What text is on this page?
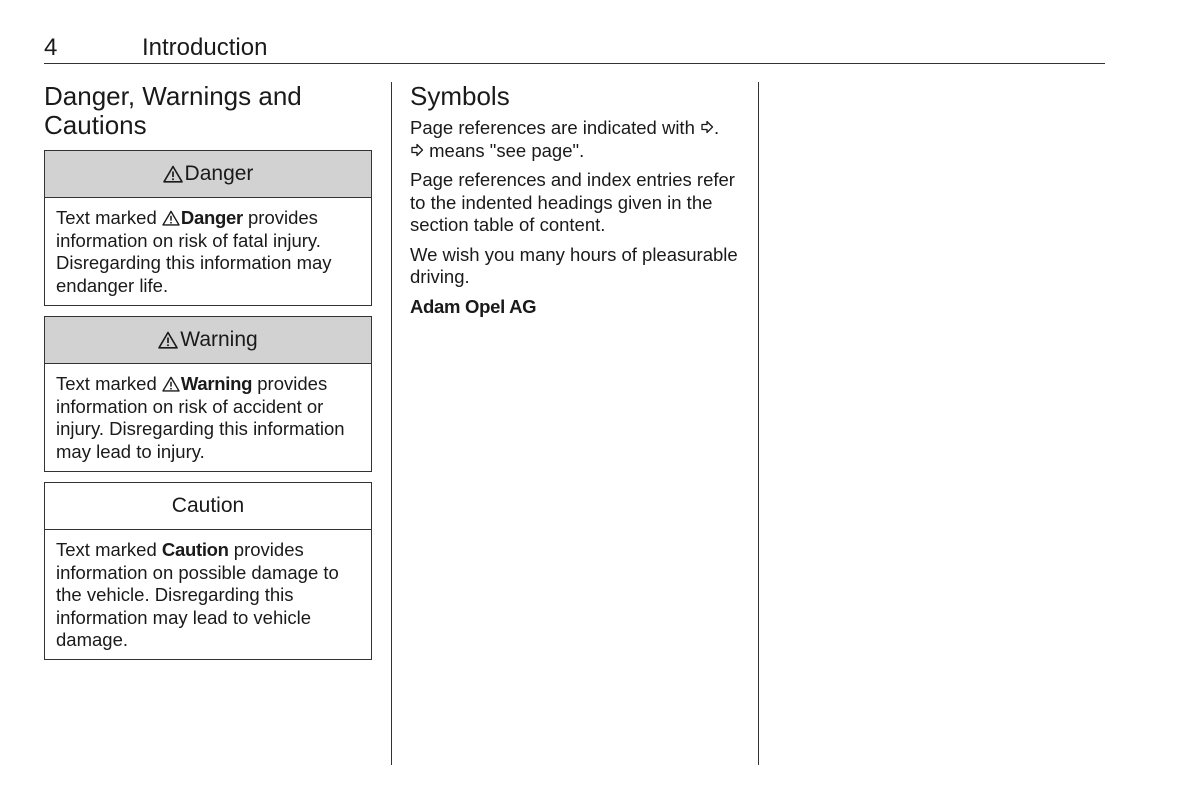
4	Introduction
Danger, Warnings and Cautions
Danger
Text marked Danger provides information on risk of fatal injury. Disregarding this information may endanger life.
Warning
Text marked Warning provides information on risk of accident or injury. Disregarding this information may lead to injury.
Caution
Text marked Caution provides information on possible damage to the vehicle. Disregarding this information may lead to vehicle damage.
Symbols

Page references are indicated with .
means "see page".

Page references and index entries refer to the indented headings given in the section table of content.

We wish you many hours of pleasurable driving.

Adam Opel AG
